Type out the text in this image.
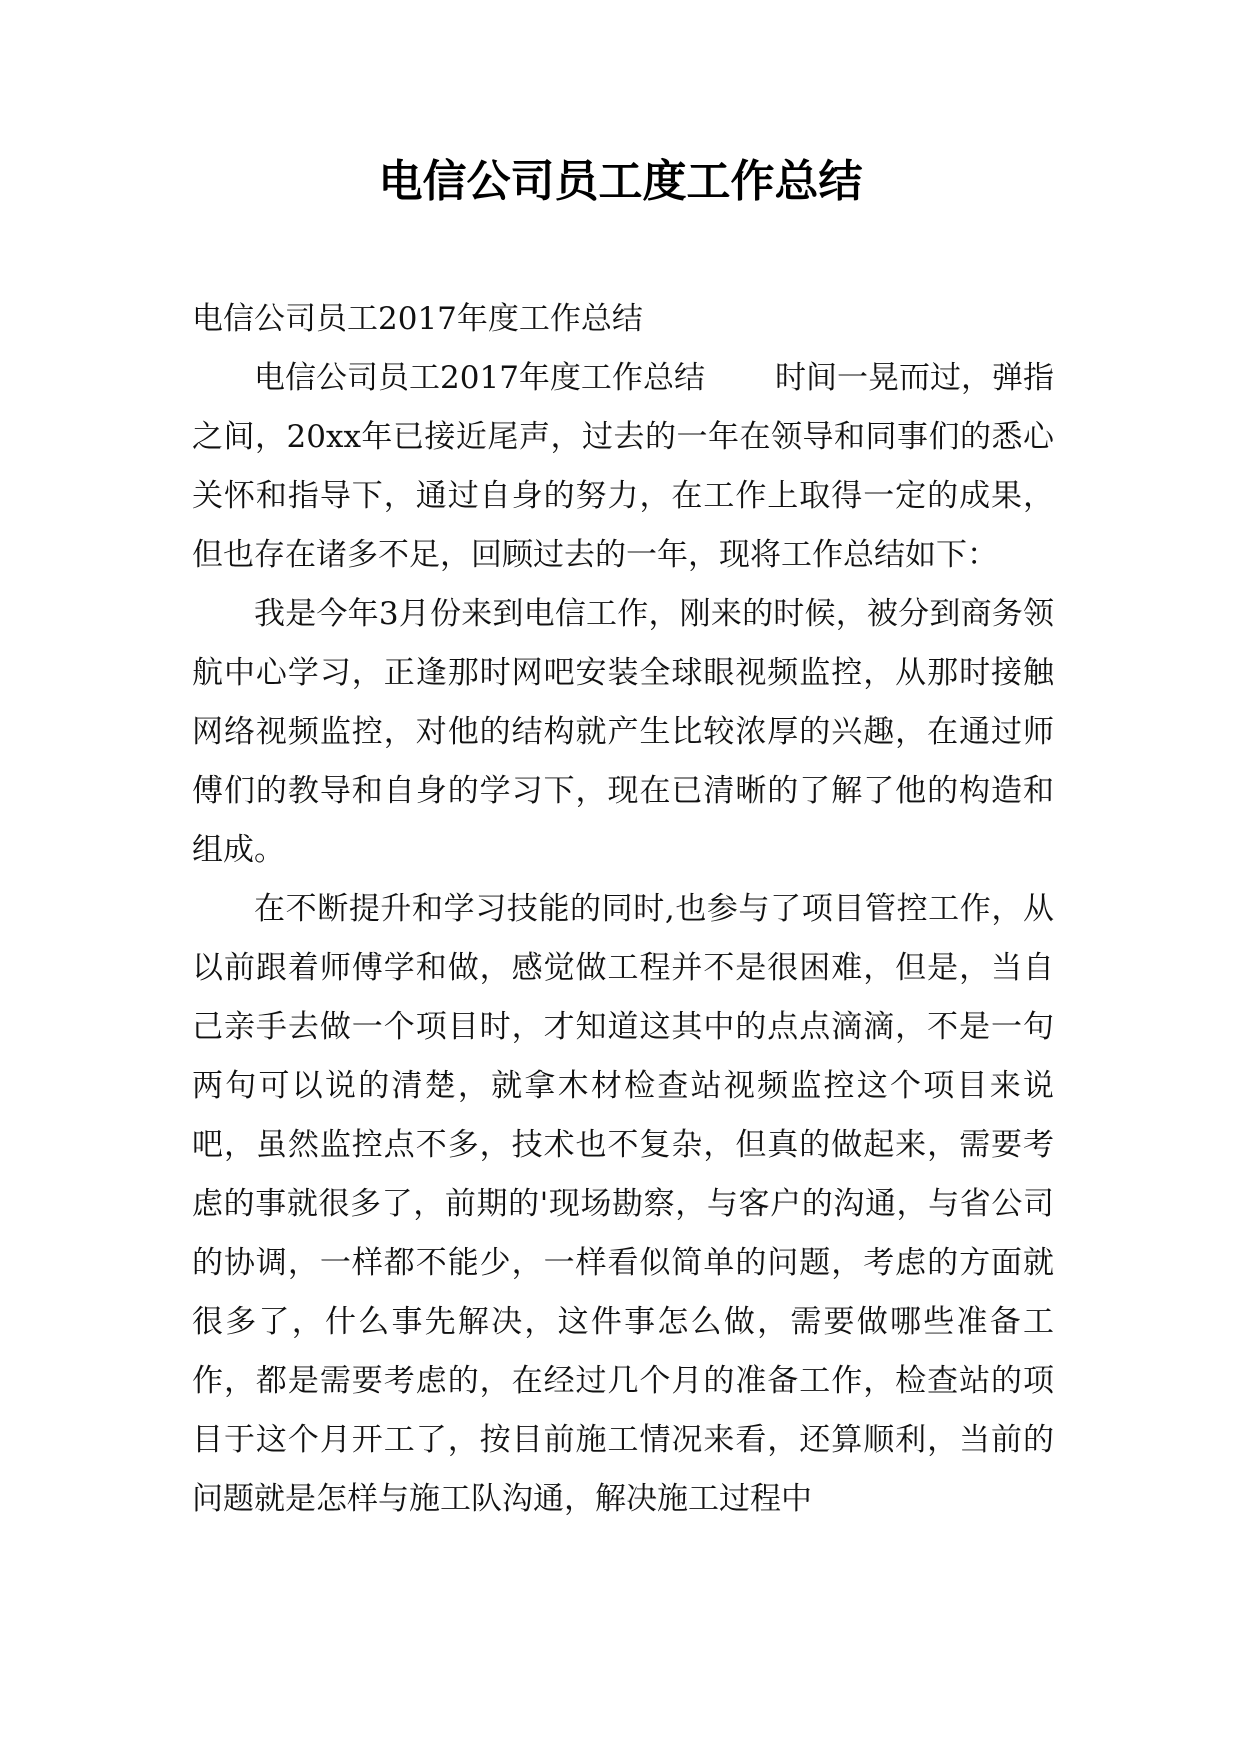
电信公司员工度工作总结

电信公司员工2017年度工作总结

电信公司员工2017年度工作总结 时间一晃而过，弹指之间，20xx年已接近尾声，过去的一年在领导和同事们的悉心关怀和指导下，通过自身的努力，在工作上取得一定的成果，但也存在诸多不足，回顾过去的一年，现将工作总结如下：

我是今年3月份来到电信工作，刚来的时候，被分到商务领航中心学习，正逢那时网吧安装全球眼视频监控，从那时接触网络视频监控，对他的结构就产生比较浓厚的兴趣，在通过师傅们的教导和自身的学习下，现在已清晰的了解了他的构造和组成。

在不断提升和学习技能的同时,也参与了项目管控工作，从以前跟着师傅学和做，感觉做工程并不是很困难，但是，当自己亲手去做一个项目时，才知道这其中的点点滴滴，不是一句两句可以说的清楚，就拿木材检查站视频监控这个项目来说吧，虽然监控点不多，技术也不复杂，但真的做起来，需要考虑的事就很多了，前期的'现场勘察，与客户的沟通，与省公司的协调，一样都不能少，一样看似简单的问题，考虑的方面就很多了，什么事先解决，这件事怎么做，需要做哪些准备工作，都是需要考虑的，在经过几个月的准备工作，检查站的项目于这个月开工了，按目前施工情况来看，还算顺利，当前的问题就是怎样与施工队沟通，解决施工过程中
